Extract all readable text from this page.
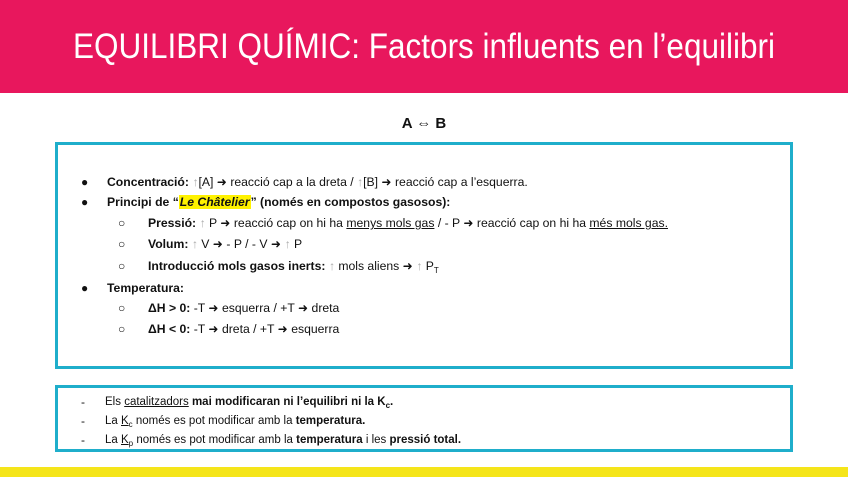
EQUILIBRI QUÍMIC: Factors influents en l’equilibri
A ⇔ B
● Concentració: ↑[A] ➜ reacció cap a la dreta / ↑[B] ➜ reacció cap a l’esquerra.
● Principi de “Le Châtelier” (només en compostos gasosos):
○ Pressió: ↑ P ➜ reacció cap on hi ha menys mols gas / - P ➜ reacció cap on hi ha més mols gas.
○ Volum: ↑ V ➜ - P / - V ➜ ↑ P
○ Introducció mols gasos inerts: ↑ mols aliens ➜ ↑ $P_T$
● Temperatura:
○ ΔH > 0: -T ➜ esquerra / +T ➜ dreta
○ ΔH < 0: -T ➜ dreta / +T ➜ esquerra
- Els catalitzadors mai modificaran ni l’equilibri ni la $K_c$.
- La $K_c$ només es pot modificar amb la temperatura.
- La $K_p$ només es pot modificar amb la temperatura i les pressió total.
